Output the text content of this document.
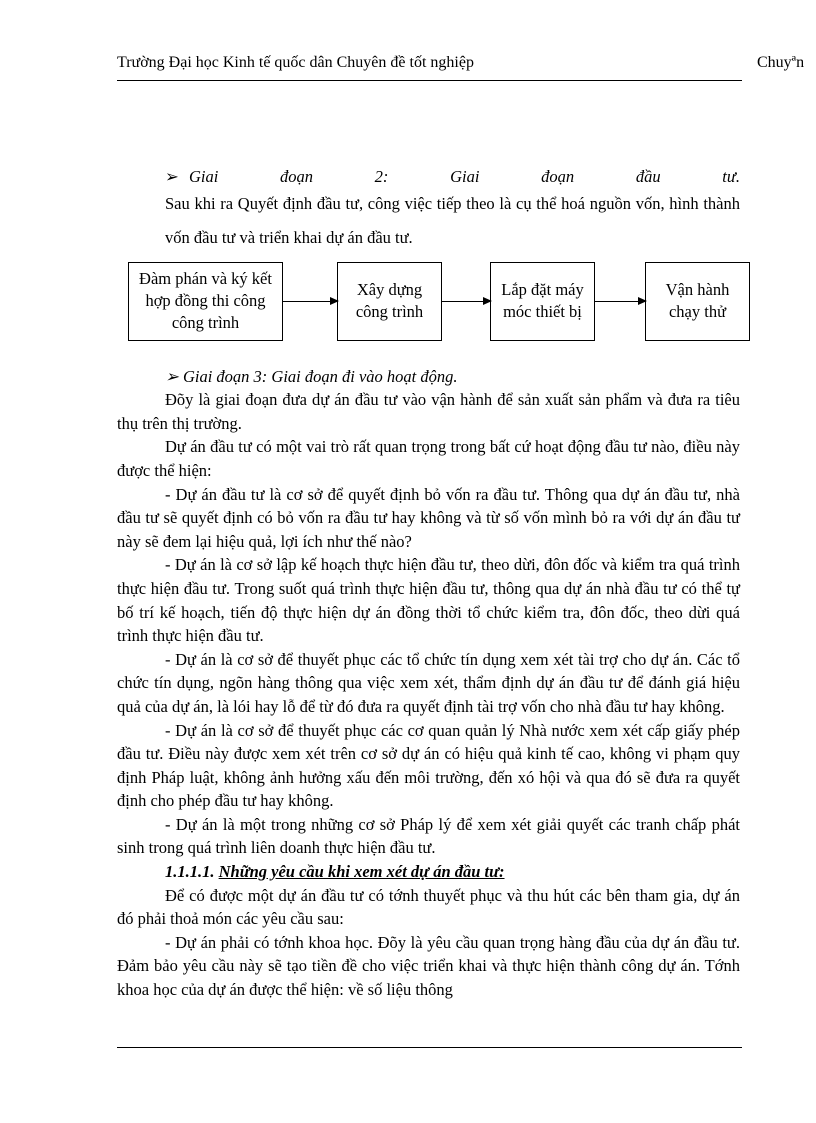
Trường Đại học Kinh tế quốc dân Chuyên đề tốt nghiệp	Chuyªn
➢ Giai	đoạn	2:	Giai	đoạn	đầu	tư.

Sau khi ra Quyết định đầu tư, công việc tiếp theo là cụ thể hoá nguồn vốn, hình thành vốn đầu tư và triển khai dự án đầu tư.

Đàm phán và ký kết hợp đồng thi công công trình
Xây dựng công trình
Lắp đặt máy móc thiết bị
Vận hành chạy thử

➢ Giai đoạn 3: Giai đoạn đi vào hoạt động.

Đõy là giai đoạn đưa dự án đầu tư vào vận hành để sản xuất sản phẩm và đưa ra tiêu thụ trên thị trường.

Dự án đầu tư có một vai trò rất quan trọng trong bất cứ hoạt động đầu tư nào, điều này được thể hiện:

- Dự án đầu tư là cơ sở để quyết định bỏ vốn ra đầu tư. Thông qua dự án đầu tư, nhà đầu tư sẽ quyết định có bỏ vốn ra đầu tư hay không và từ số vốn mình bỏ ra với dự án đầu tư này sẽ đem lại hiệu quả, lợi ích như thế nào?

- Dự án là cơ sở lập kế hoạch thực hiện đầu tư, theo dừi, đôn đốc và kiểm tra quá trình thực hiện đầu tư. Trong suốt quá trình thực hiện đầu tư, thông qua dự án nhà đầu tư có thể tự bố trí kế hoạch, tiến độ thực hiện dự án đồng thời tổ chức kiểm tra, đôn đốc, theo dừi quá trình thực hiện đầu tư.

- Dự án là cơ sở để thuyết phục các tổ chức tín dụng xem xét tài trợ cho dự án. Các tổ chức tín dụng, ngõn hàng thông qua việc xem xét, thẩm định dự án đầu tư để đánh giá hiệu quả của dự án, là lói hay lỗ để từ đó đưa ra quyết định tài trợ vốn cho nhà đầu tư hay không.

- Dự án là cơ sở để thuyết phục các cơ quan quản lý Nhà nước xem xét cấp giấy phép đầu tư. Điều này được xem xét trên cơ sở dự án có hiệu quả kinh tế cao, không vi phạm quy định Pháp luật, không ảnh hưởng xấu đến môi trường, đến xó hội và qua đó sẽ đưa ra quyết định cho phép đầu tư hay không.

- Dự án là một trong những cơ sở Pháp lý để xem xét giải quyết các tranh chấp phát sinh trong quá trình liên doanh thực hiện đầu tư.

1.1.1.1. Những yêu cầu khi xem xét dự án đầu tư:

Để có được một dự án đầu tư có tớnh thuyết phục và thu hút các bên tham gia, dự án đó phải thoả món các yêu cầu sau:

- Dự án phải có tớnh khoa học. Đõy là yêu cầu quan trọng hàng đầu của dự án đầu tư. Đảm bảo yêu cầu này sẽ tạo tiền đề cho việc triển khai và thực hiện thành công dự án. Tớnh khoa học của dự án được thể hiện: về số liệu thông
